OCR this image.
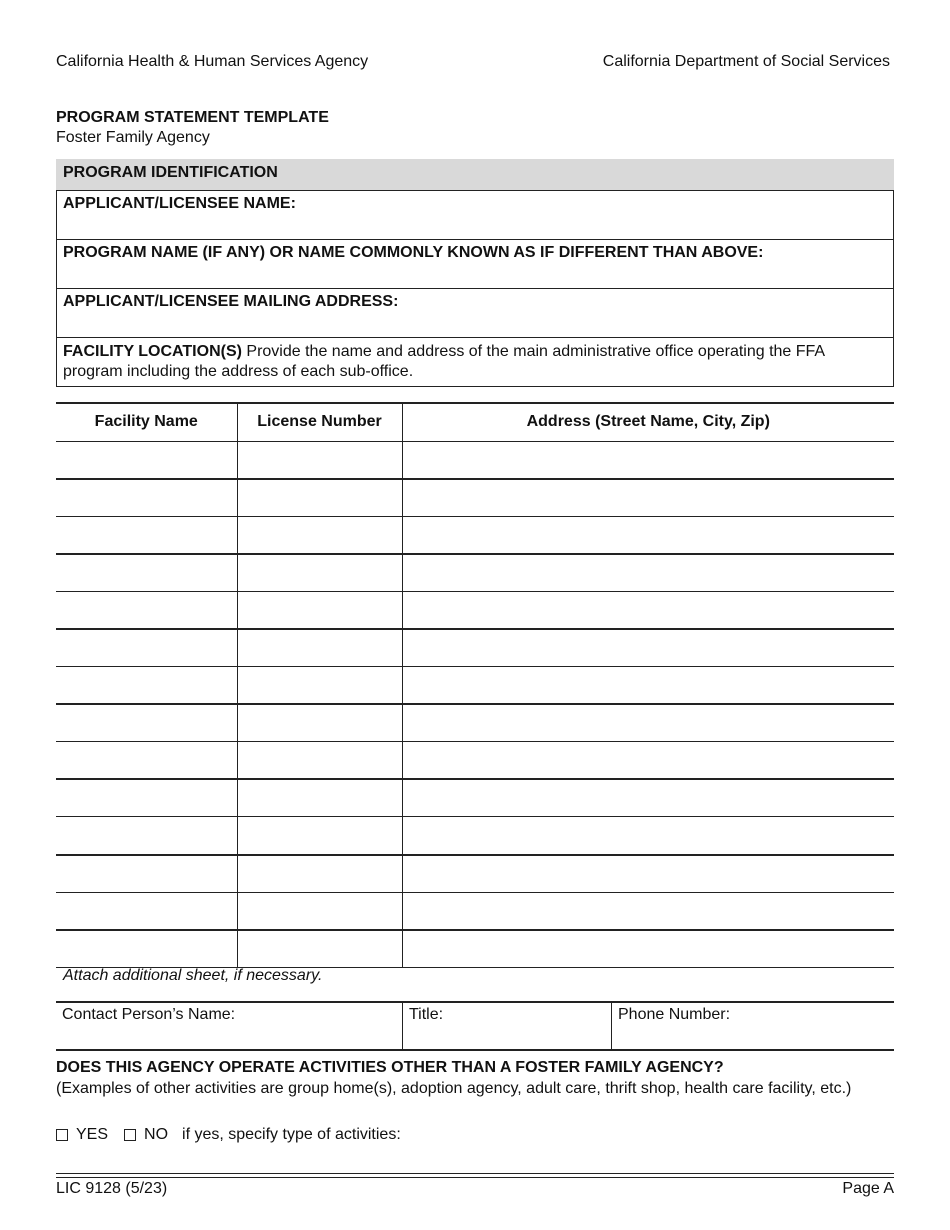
California Health & Human Services Agency	California Department of Social Services
PROGRAM STATEMENT TEMPLATE
Foster Family Agency
PROGRAM IDENTIFICATION
APPLICANT/LICENSEE NAME:
PROGRAM NAME (IF ANY) OR NAME COMMONLY KNOWN AS IF DIFFERENT THAN ABOVE:
APPLICANT/LICENSEE MAILING ADDRESS:
FACILITY LOCATION(S) Provide the name and address of the main administrative office operating the FFA program including the address of each sub-office.
Facility Name	License Number	Address (Street Name, City, Zip)

Attach additional sheet, if necessary.
Contact Person’s Name:	Title:	Phone Number:
DOES THIS AGENCY OPERATE ACTIVITIES OTHER THAN A FOSTER FAMILY AGENCY?
(Examples of other activities are group home(s), adoption agency, adult care, thrift shop, health care facility, etc.)
YES NO if yes, specify type of activities:
LIC 9128 (5/23)	Page A
